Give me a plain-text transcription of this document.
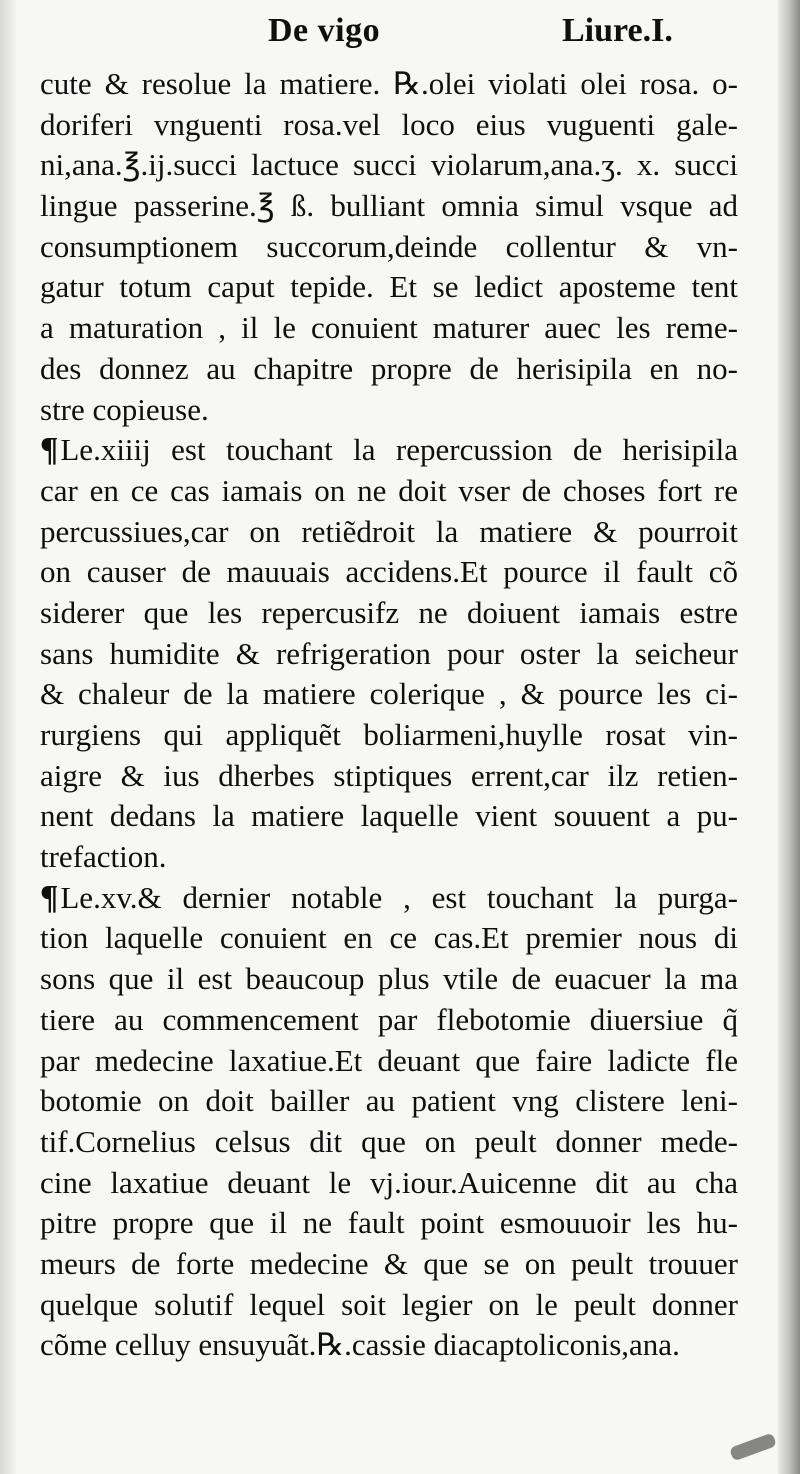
De vigo	Liure.I.
cute & resolue la matiere. ℞.olei violati olei rosa. o-
doriferi vnguenti rosa.vel loco eius vuguenti gale-
ni,ana.℥.ij.succi lactuce succi violarum,ana.ʒ. x. succi
lingue passerine.℥ ß. bulliant omnia simul vsque ad
consumptionem succorum,deinde collentur & vn-
gatur totum caput tepide. Et se ledict aposteme tent
a maturation , il le conuient maturer auec les reme-
des donnez au chapitre propre de herisipila en no-
stre copieuse.
¶Le.xiiij est touchant la repercussion de herisipila
car en ce cas iamais on ne doit vser de choses fort re
percussiues,car on retiẽdroit la matiere & pourroit
on causer de mauuais accidens.Et pource il fault cõ
siderer que les repercusifz ne doiuent iamais estre
sans humidite & refrigeration pour oster la seicheur
& chaleur de la matiere colerique , & pource les ci-
rurgiens qui appliquẽt boliarmeni,huylle rosat vin-
aigre & ius dherbes stiptiques errent,car ilz retien-
nent dedans la matiere laquelle vient souuent a pu-
trefaction.
¶Le.xv.& dernier notable , est touchant la purga-
tion laquelle conuient en ce cas.Et premier nous di
sons que il est beaucoup plus vtile de euacuer la ma
tiere au commencement par flebotomie diuersiue q̃
par medecine laxatiue.Et deuant que faire ladicte fle
botomie on doit bailler au patient vng clistere leni-
tif.Cornelius celsus dit que on peult donner mede-
cine laxatiue deuant le vj.iour.Auicenne dit au cha
pitre propre que il ne fault point esmouuoir les hu-
meurs de forte medecine & que se on peult trouuer
quelque solutif lequel soit legier on le peult donner
cõme celluy ensuyuãt.℞.cassie diacaptoliconis,ana.
